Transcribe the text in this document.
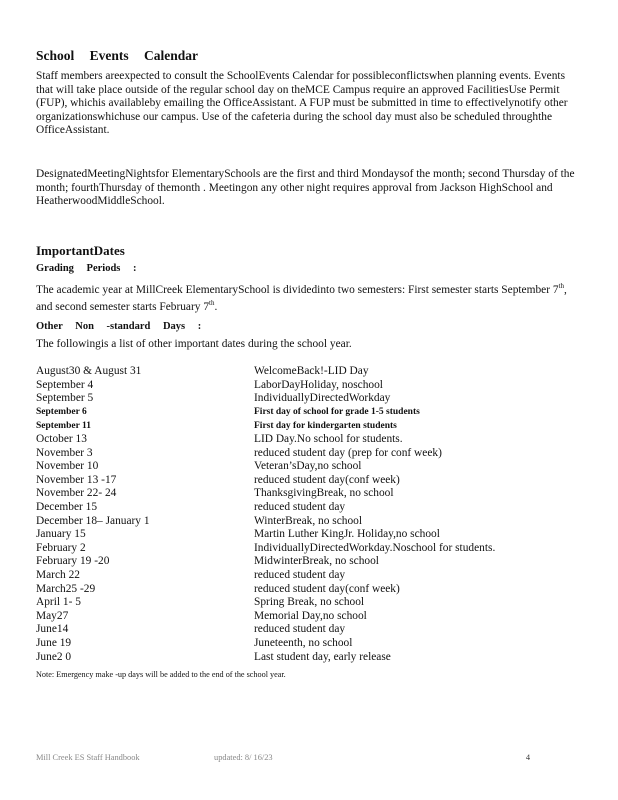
School Events Calendar

Staff members areexpected to consult the SchoolEvents Calendar for possibleconflictswhen planning events. Events that will take place outside of the regular school day on theMCE Campus require an approved FacilitiesUse Permit (FUP), whichis availableby emailing the OfficeAssistant. A FUP must be submitted in time to effectivelynotify other organizationswhichuse our campus. Use of the cafeteria during the school day must also be scheduled throughthe OfficeAssistant.

DesignatedMeetingNightsfor ElementarySchools are the first and third Mondaysof the month; second Thursday of the month; fourthThursday of themonth . Meetingon any other night requires approval from Jackson HighSchool and HeatherwoodMiddleSchool.

ImportantDates
Grading Periods :

The academic year at MillCreek ElementarySchool is dividedinto two semesters: First semester starts September 7th, and second semester starts February 7th.

Other Non -standard Days :

The followingis a list of other important dates during the school year.

August30 & August 31	WelcomeBack!-LID Day
September 4	LaborDayHoliday, noschool
September 5	IndividuallyDirectedWorkday
September 6	First day of school for grade 1-5 students
September 11	First day for kindergarten students
October 13	LID Day.No school for students.
November 3	reduced student day (prep for conf week)
November 10	Veteran’sDay,no school
November 13 -17	reduced student day(conf week)
November 22- 24	ThanksgivingBreak, no school
December 15	reduced student day
December 18– January 1	WinterBreak, no school
January 15	Martin Luther KingJr. Holiday,no school
February 2	IndividuallyDirectedWorkday.Noschool for students.
February 19 -20	MidwinterBreak, no school
March 22	reduced student day
March25 -29	reduced student day(conf week)
April 1- 5	Spring Break, no school
May27	Memorial Day,no school
June14	reduced student day
June 19	Juneteenth, no school
June2 0	Last student day, early release
Note: Emergency make -up days will be added to the end of the school year.
Mill Creek ES Staff Handbook	updated: 8/ 16/23	4
